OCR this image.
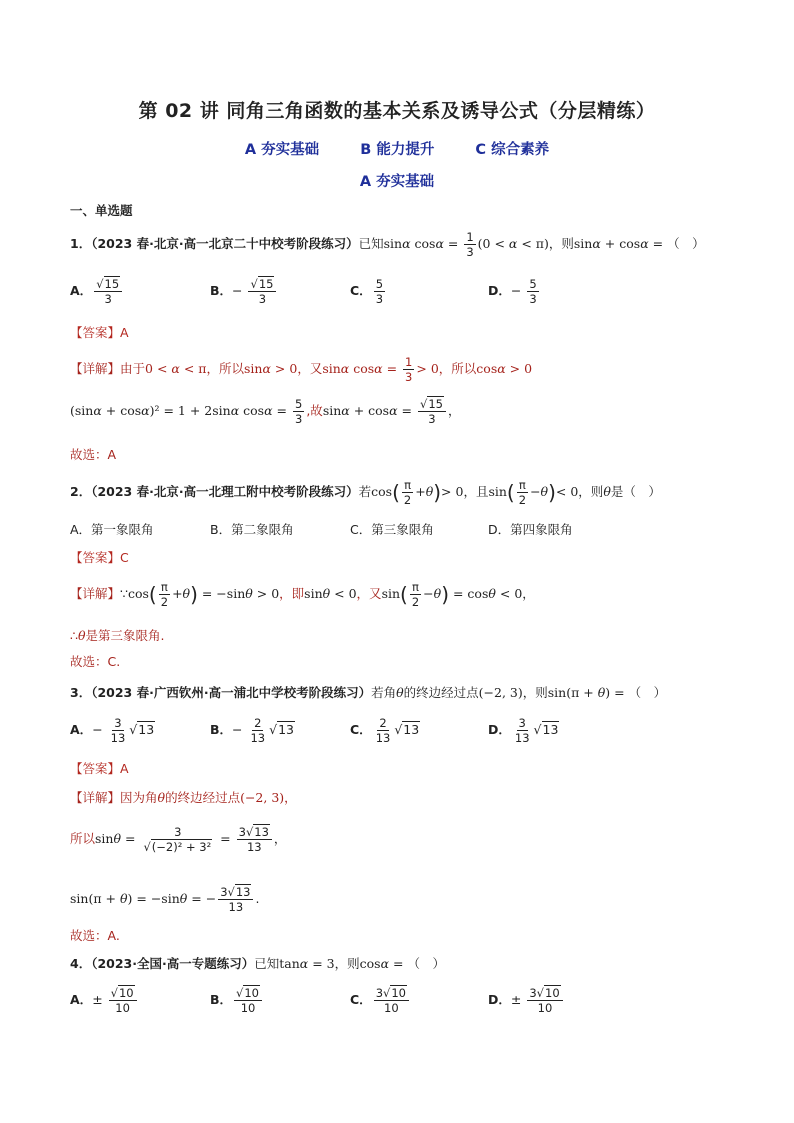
第 02 讲 同角三角函数的基本关系及诱导公式（分层精练）
A 夯实基础	B 能力提升	C 综合素养
A 夯实基础
一、单选题
1．（2023 春·北京·高一北京二十中校考阶段练习）已知sinα $\cos\alpha = \frac{1}{3} (0 < \alpha < \pi)$，则sinα + cosα = （　）
A． $\frac{√15}{3}$	B．− $\frac{√15}{3}$	C． $\frac{5}{3}$	D．− $\frac{5}{3}$
【答案】A
【详解】由于0 < α < π，所以sinα > 0，又sinα $\cos\alpha = \frac{1}{3} > 0$，所以cosα > 0
(sinα + cosα)² = 1 + 2sinα $\cos\alpha = \frac{5}{3}$ ,故$\sin\alpha + \cos\alpha = \frac{√15}{3}$ ，
故选：A
2．（2023 春·北京·高一北理工附中校考阶段练习）若$\cos( \frac{\pi}{2} +\theta)> 0$，且$\sin( \frac{\pi}{2} -\theta)< 0$，则θ是（　）
A．第一象限角	B．第二象限角	C．第三象限角	D．第四象限角
【答案】C
【详解】∵cos( $\frac{\pi}{2} +\theta) = -\sin\theta > 0$，即sinθ < 0，又$\sin( \frac{\pi}{2} -\theta) = \cos\theta < 0$，
∴θ是第三象限角.
故选：C.
3．（2023 春·广西钦州·高一浦北中学校考阶段练习）若角θ的终边经过点(−2, 3)，则sin(π + θ) = （　）
A．− $\frac{3}{13} √13$	B．− $\frac{2}{13} √13$	C． $\frac{2}{13} √13$	D． $\frac{3}{13} √13$
【答案】A
【详解】因为角θ的终边经过点(−2, 3)，
所以$\sin\theta = \frac{3}{\text{√(−2)² + 3²}} = \frac{3√13}{13}$ ，
sin(π + θ) = −sinθ = − $\frac{3√13}{13}$ .
故选：A.
4．（2023·全国·高一专题练习）已知tanα = 3，则cosα = （　）
A．± $\frac{√10}{10}$	B． $\frac{√10}{10}$	C． $\frac{3√10}{10}$	D．± $\frac{3√10}{10}$
